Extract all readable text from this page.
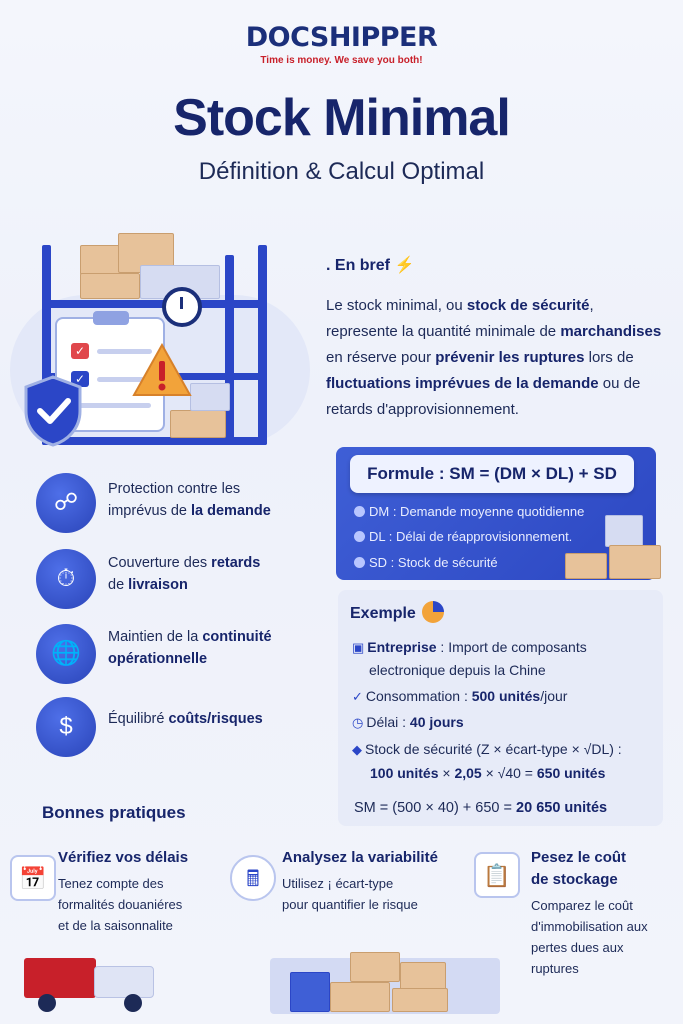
DOCSHIPPER
Time is money. We save you both!
Stock Minimal
Définition & Calcul Optimal
✓
✓
. En bref ⚡
Le stock minimal, ou stock de sécurité, represente la quantité minimale de marchandises en réserve pour prévenir les ruptures lors de fluctuations imprévues de la demande ou de retards d'approvisionnement.
☍	Protection contre les
imprévus de la demande
⏱
Couverture des retards
de livraison
🌐
Maintien de la continuité
opérationnelle
$	Équilibré coûts/risques
Formule : SM = (DM × DL) + SD
DM : Demande moyenne quotidienne
DL : Délai de réapprovisionnement.
SD : Stock de sécurité
Exemple
▣ Entreprise : Import de composants
electronique depuis la Chine
✓ Consommation : 500 unités/jour
◷ Délai : 40 jours
◆ Stock de sécurité (Z × écart-type × √DL) :
100 unités × 2,05 × √40 = 650 unités
SM = (500 × 40) + 650 = 20 650 unités
Bonnes pratiques
📅
Vérifiez vos délais
Tenez compte des
formalités douaniéres
et de la saisonnalite
🖩
Analysez la variabilité
Utilisez ¡ écart-type
pour quantifier le risque
📋
Pesez le coût
de stockage
Comparez le coût
d'immobilisation aux
pertes dues aux
ruptures
